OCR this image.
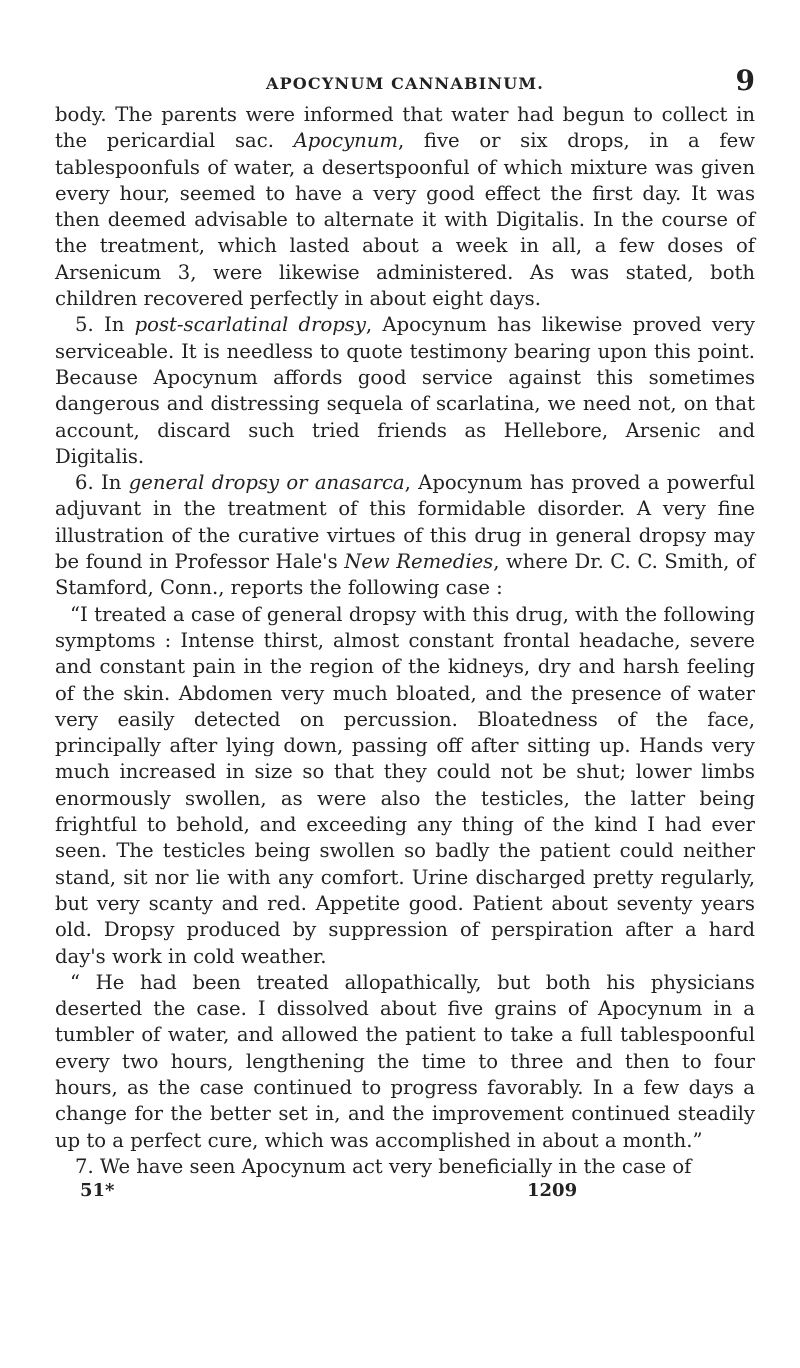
APOCYNUM CANNABINUM.	9

body. The parents were informed that water had begun to collect in the pericardial sac. Apocynum, five or six drops, in a few tablespoonfuls of water, a desertspoonful of which mixture was given every hour, seemed to have a very good effect the first day. It was then deemed advisable to alternate it with Digitalis. In the course of the treatment, which lasted about a week in all, a few doses of Arsenicum 3, were likewise administered. As was stated, both children recovered perfectly in about eight days.

5. In post-scarlatinal dropsy, Apocynum has likewise proved very serviceable. It is needless to quote testimony bearing upon this point. Because Apocynum affords good service against this sometimes dangerous and distressing sequela of scarlatina, we need not, on that account, discard such tried friends as Hellebore, Arsenic and Digitalis.

6. In general dropsy or anasarca, Apocynum has proved a powerful adjuvant in the treatment of this formidable disorder. A very fine illustration of the curative virtues of this drug in general dropsy may be found in Professor Hale's New Remedies, where Dr. C. C. Smith, of Stamford, Conn., reports the following case :

“I treated a case of general dropsy with this drug, with the following symptoms : Intense thirst, almost constant frontal headache, severe and constant pain in the region of the kidneys, dry and harsh feeling of the skin. Abdomen very much bloated, and the presence of water very easily detected on percussion. Bloatedness of the face, principally after lying down, passing off after sitting up. Hands very much increased in size so that they could not be shut; lower limbs enormously swollen, as were also the testicles, the latter being frightful to behold, and exceeding any thing of the kind I had ever seen. The testicles being swollen so badly the patient could neither stand, sit nor lie with any comfort. Urine discharged pretty regularly, but very scanty and red. Appetite good. Patient about seventy years old. Dropsy produced by suppression of perspiration after a hard day's work in cold weather.

“ He had been treated allopathically, but both his physicians deserted the case. I dissolved about five grains of Apocynum in a tumbler of water, and allowed the patient to take a full tablespoonful every two hours, lengthening the time to three and then to four hours, as the case continued to progress favorably. In a few days a change for the better set in, and the improvement continued steadily up to a perfect cure, which was accomplished in about a month.”

7. We have seen Apocynum act very beneficially in the case of

51*	1209
